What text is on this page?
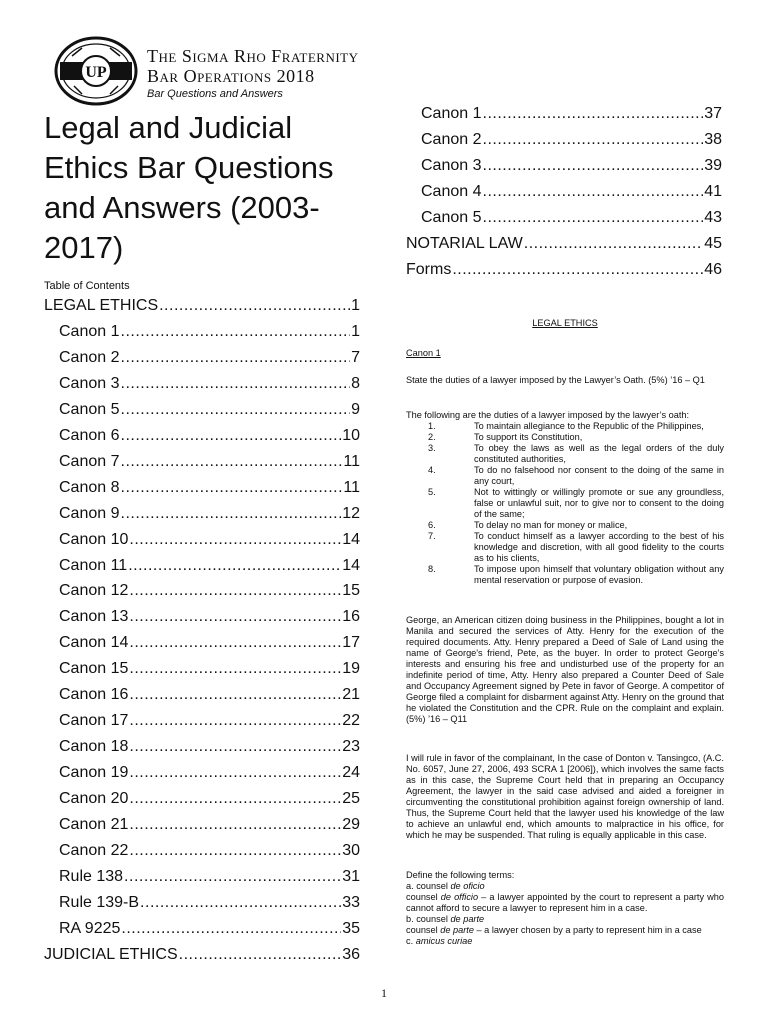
UP
The Sigma Rho Fraternity
Bar Operations 2018
Bar Questions and Answers
Legal and Judicial Ethics Bar Questions and Answers (2003-2017)
Table of Contents
LEGAL ETHICS .....	1
Canon 1 .....	1
Canon 2 .....	7
Canon 3 .....	8
Canon 5 .....	9
Canon 6 .....	10
Canon 7 .....	11
Canon 8 .....	11
Canon 9 .....	12
Canon 10 .....	14
Canon 11 .....	14
Canon 12 .....	15
Canon 13 .....	16
Canon 14 .....	17
Canon 15 .....	19
Canon 16 .....	21
Canon 17 .....	22
Canon 18 .....	23
Canon 19 .....	24
Canon 20 .....	25
Canon 21 .....	29
Canon 22 .....	30
Rule 138 .....	31
Rule 139-B .....	33
RA 9225 .....	35
JUDICIAL ETHICS .....	36
Canon 1 .....	37
Canon 2 .....	38
Canon 3 .....	39
Canon 4 .....	41
Canon 5 .....	43
NOTARIAL LAW .....	45
Forms .....	46
LEGAL ETHICS
Canon 1
State the duties of a lawyer imposed by the Lawyer’s Oath. (5%) ’16 – Q1
The following are the duties of a lawyer imposed by the lawyer’s oath:
1.	To maintain allegiance to the Republic of the Philippines,
2.	To support its Constitution,
3.	To obey the laws as well as the legal orders of the duly constituted authorities,
4.	To do no falsehood nor consent to the doing of the same in any court,
5.	Not to wittingly or willingly promote or sue any groundless, false or unlawful suit, nor to give nor to consent to the doing of the same;
6.	To delay no man for money or malice,
7.	To conduct himself as a lawyer according to the best of his knowledge and discretion, with all good fidelity to the courts as to his clients,
8.	To impose upon himself that voluntary obligation without any mental reservation or purpose of evasion.
George, an American citizen doing business in the Philippines, bought a lot in Manila and secured the services of Atty. Henry for the execution of the required documents. Atty. Henry prepared a Deed of Sale of Land using the name of George's friend, Pete, as the buyer. In order to protect George's interests and ensuring his free and undisturbed use of the property for an indefinite period of time, Atty. Henry also prepared a Counter Deed of Sale and Occupancy Agreement signed by Pete in favor of George. A competitor of George filed a complaint for disbarment against Atty. Henry on the ground that he violated the Constitution and the CPR. Rule on the complaint and explain. (5%) ’16 – Q11
I will rule in favor of the complainant, In the case of Donton v. Tansingco, (A.C. No. 6057, June 27, 2006, 493 SCRA 1 [2006]), which involves the same facts as in this case, the Supreme Court held that in preparing an Occupancy Agreement, the lawyer in the said case advised and aided a foreigner in circumventing the constitutional prohibition against foreign ownership of land. Thus, the Supreme Court held that the lawyer used his knowledge of the law to achieve an unlawful end, which amounts to malpractice in his office, for which he may be suspended. That ruling is equally applicable in this case.
Define the following terms:
a. counsel de oficio
counsel de officio – a lawyer appointed by the court to represent a party who cannot afford to secure a lawyer to represent him in a case.
b. counsel de parte
counsel de parte – a lawyer chosen by a party to represent him in a case
c. amicus curiae
1
